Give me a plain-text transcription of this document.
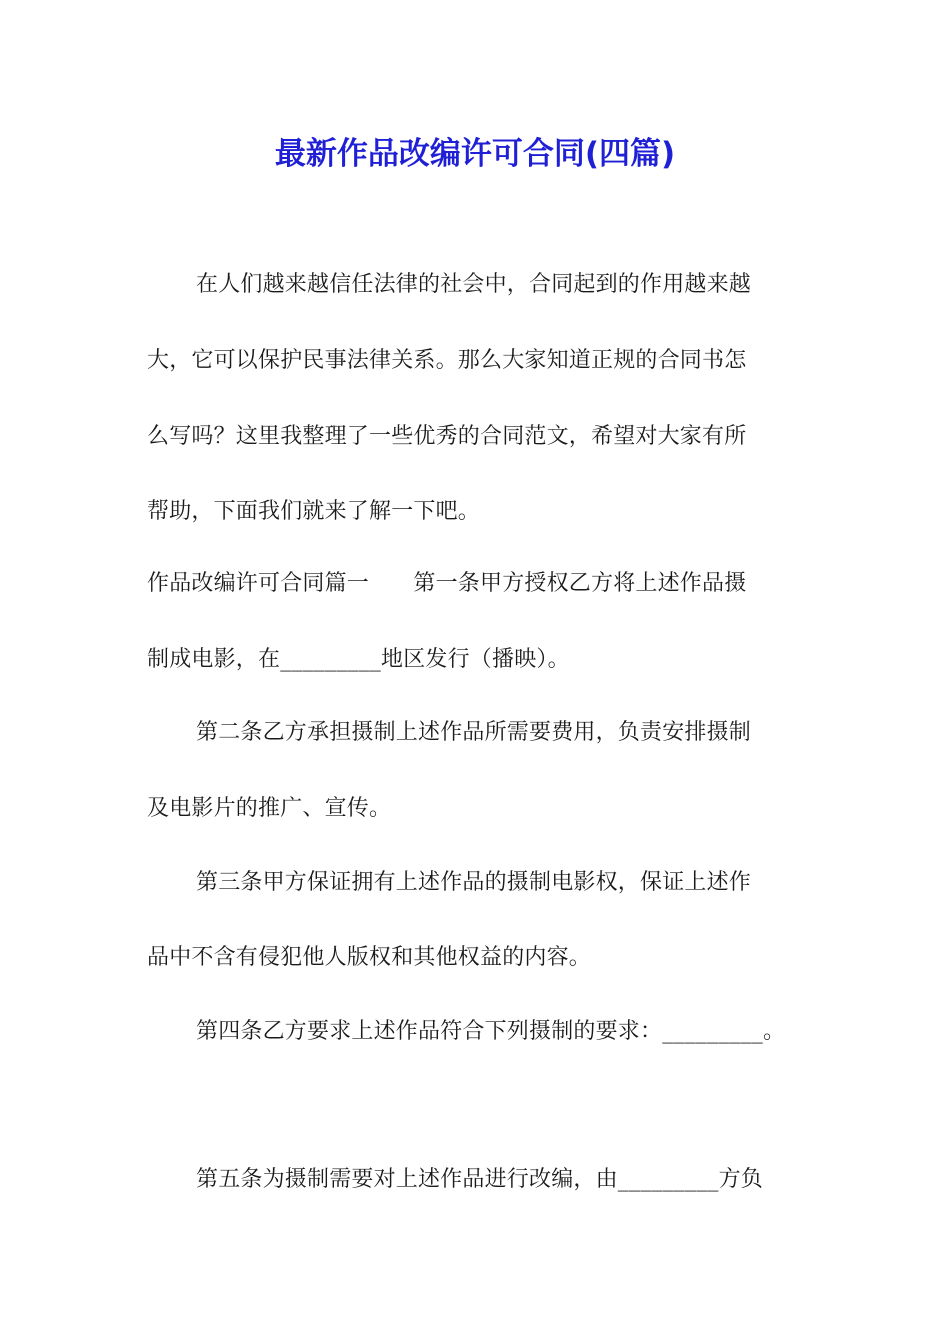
最新作品改编许可合同(四篇)
在人们越来越信任法律的社会中，合同起到的作用越来越
大，它可以保护民事法律关系。那么大家知道正规的合同书怎
么写吗？这里我整理了一些优秀的合同范文，希望对大家有所
帮助，下面我们就来了解一下吧。
作品改编许可合同篇一　　第一条甲方授权乙方将上述作品摄
制成电影，在_________地区发行（播映）。
第二条乙方承担摄制上述作品所需要费用，负责安排摄制
及电影片的推广、宣传。
第三条甲方保证拥有上述作品的摄制电影权，保证上述作
品中不含有侵犯他人版权和其他权益的内容。
第四条乙方要求上述作品符合下列摄制的要求：_________。
第五条为摄制需要对上述作品进行改编，由_________方负
